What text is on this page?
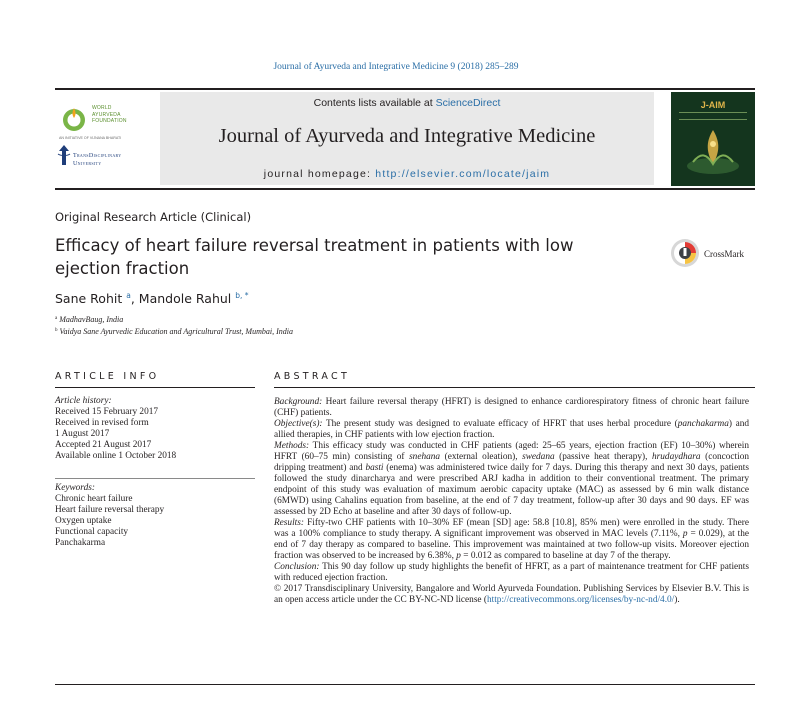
Journal of Ayurveda and Integrative Medicine 9 (2018) 285–289
WORLD
AYURVEDA
FOUNDATION
AN INITIATIVE OF VIJNANA BHARATI
TransDisciplinary
University
Contents lists available at ScienceDirect
Journal of Ayurveda and Integrative Medicine
journal homepage: http://elsevier.com/locate/jaim
J-AIM
Original Research Article (Clinical)
Efficacy of heart failure reversal treatment in patients with low ejection fraction
CrossMark
Sane Rohit $^a$, Mandole Rahul $^{b, *}$
$^a$ MadhavBaug, India
$^b$ Vaidya Sane Ayurvedic Education and Agricultural Trust, Mumbai, India
ARTICLE INFO	ABSTRACT
Article history:
Received 15 February 2017
Received in revised form
1 August 2017
Accepted 21 August 2017
Available online 1 October 2018
Keywords:
Chronic heart failure
Heart failure reversal therapy
Oxygen uptake
Functional capacity
Panchakarma

Background: Heart failure reversal therapy (HFRT) is designed to enhance cardiorespiratory fitness of chronic heart failure (CHF) patients.

Objective(s): The present study was designed to evaluate efficacy of HFRT that uses herbal procedure (panchakarma) and allied therapies, in CHF patients with low ejection fraction.

Methods: This efficacy study was conducted in CHF patients (aged: 25–65 years, ejection fraction (EF) 10–30%) wherein HFRT (60–75 min) consisting of snehana (external oleation), swedana (passive heat therapy), hrudaydhara (concoction dripping treatment) and basti (enema) was administered twice daily for 7 days. During this therapy and next 30 days, patients followed the study dinarcharya and were prescribed ARJ kadha in addition to their conventional treatment. The primary endpoint of this study was evaluation of maximum aerobic capacity uptake (MAC) as assessed by 6 min walk distance (6MWD) using Cahalins equation from baseline, at the end of 7 day treatment, follow-up after 30 days and 90 days. EF was assessed by 2D Echo at baseline and after 30 days of follow-up.

Results: Fifty-two CHF patients with 10–30% EF (mean [SD] age: 58.8 [10.8], 85% men) were enrolled in the study. There was a 100% compliance to study therapy. A significant improvement was observed in MAC levels (7.11%, p = 0.029), at the end of 7 day therapy as compared to baseline. This improvement was maintained at two follow-up visits. Moreover ejection fraction was observed to be increased by 6.38%, p = 0.012 as compared to baseline at day 7 of the therapy.

Conclusion: This 90 day follow up study highlights the benefit of HFRT, as a part of maintenance treatment for CHF patients with reduced ejection fraction.

© 2017 Transdisciplinary University, Bangalore and World Ayurveda Foundation. Publishing Services by Elsevier B.V. This is an open access article under the CC BY-NC-ND license (http://creativecommons.org/licenses/by-nc-nd/4.0/).
